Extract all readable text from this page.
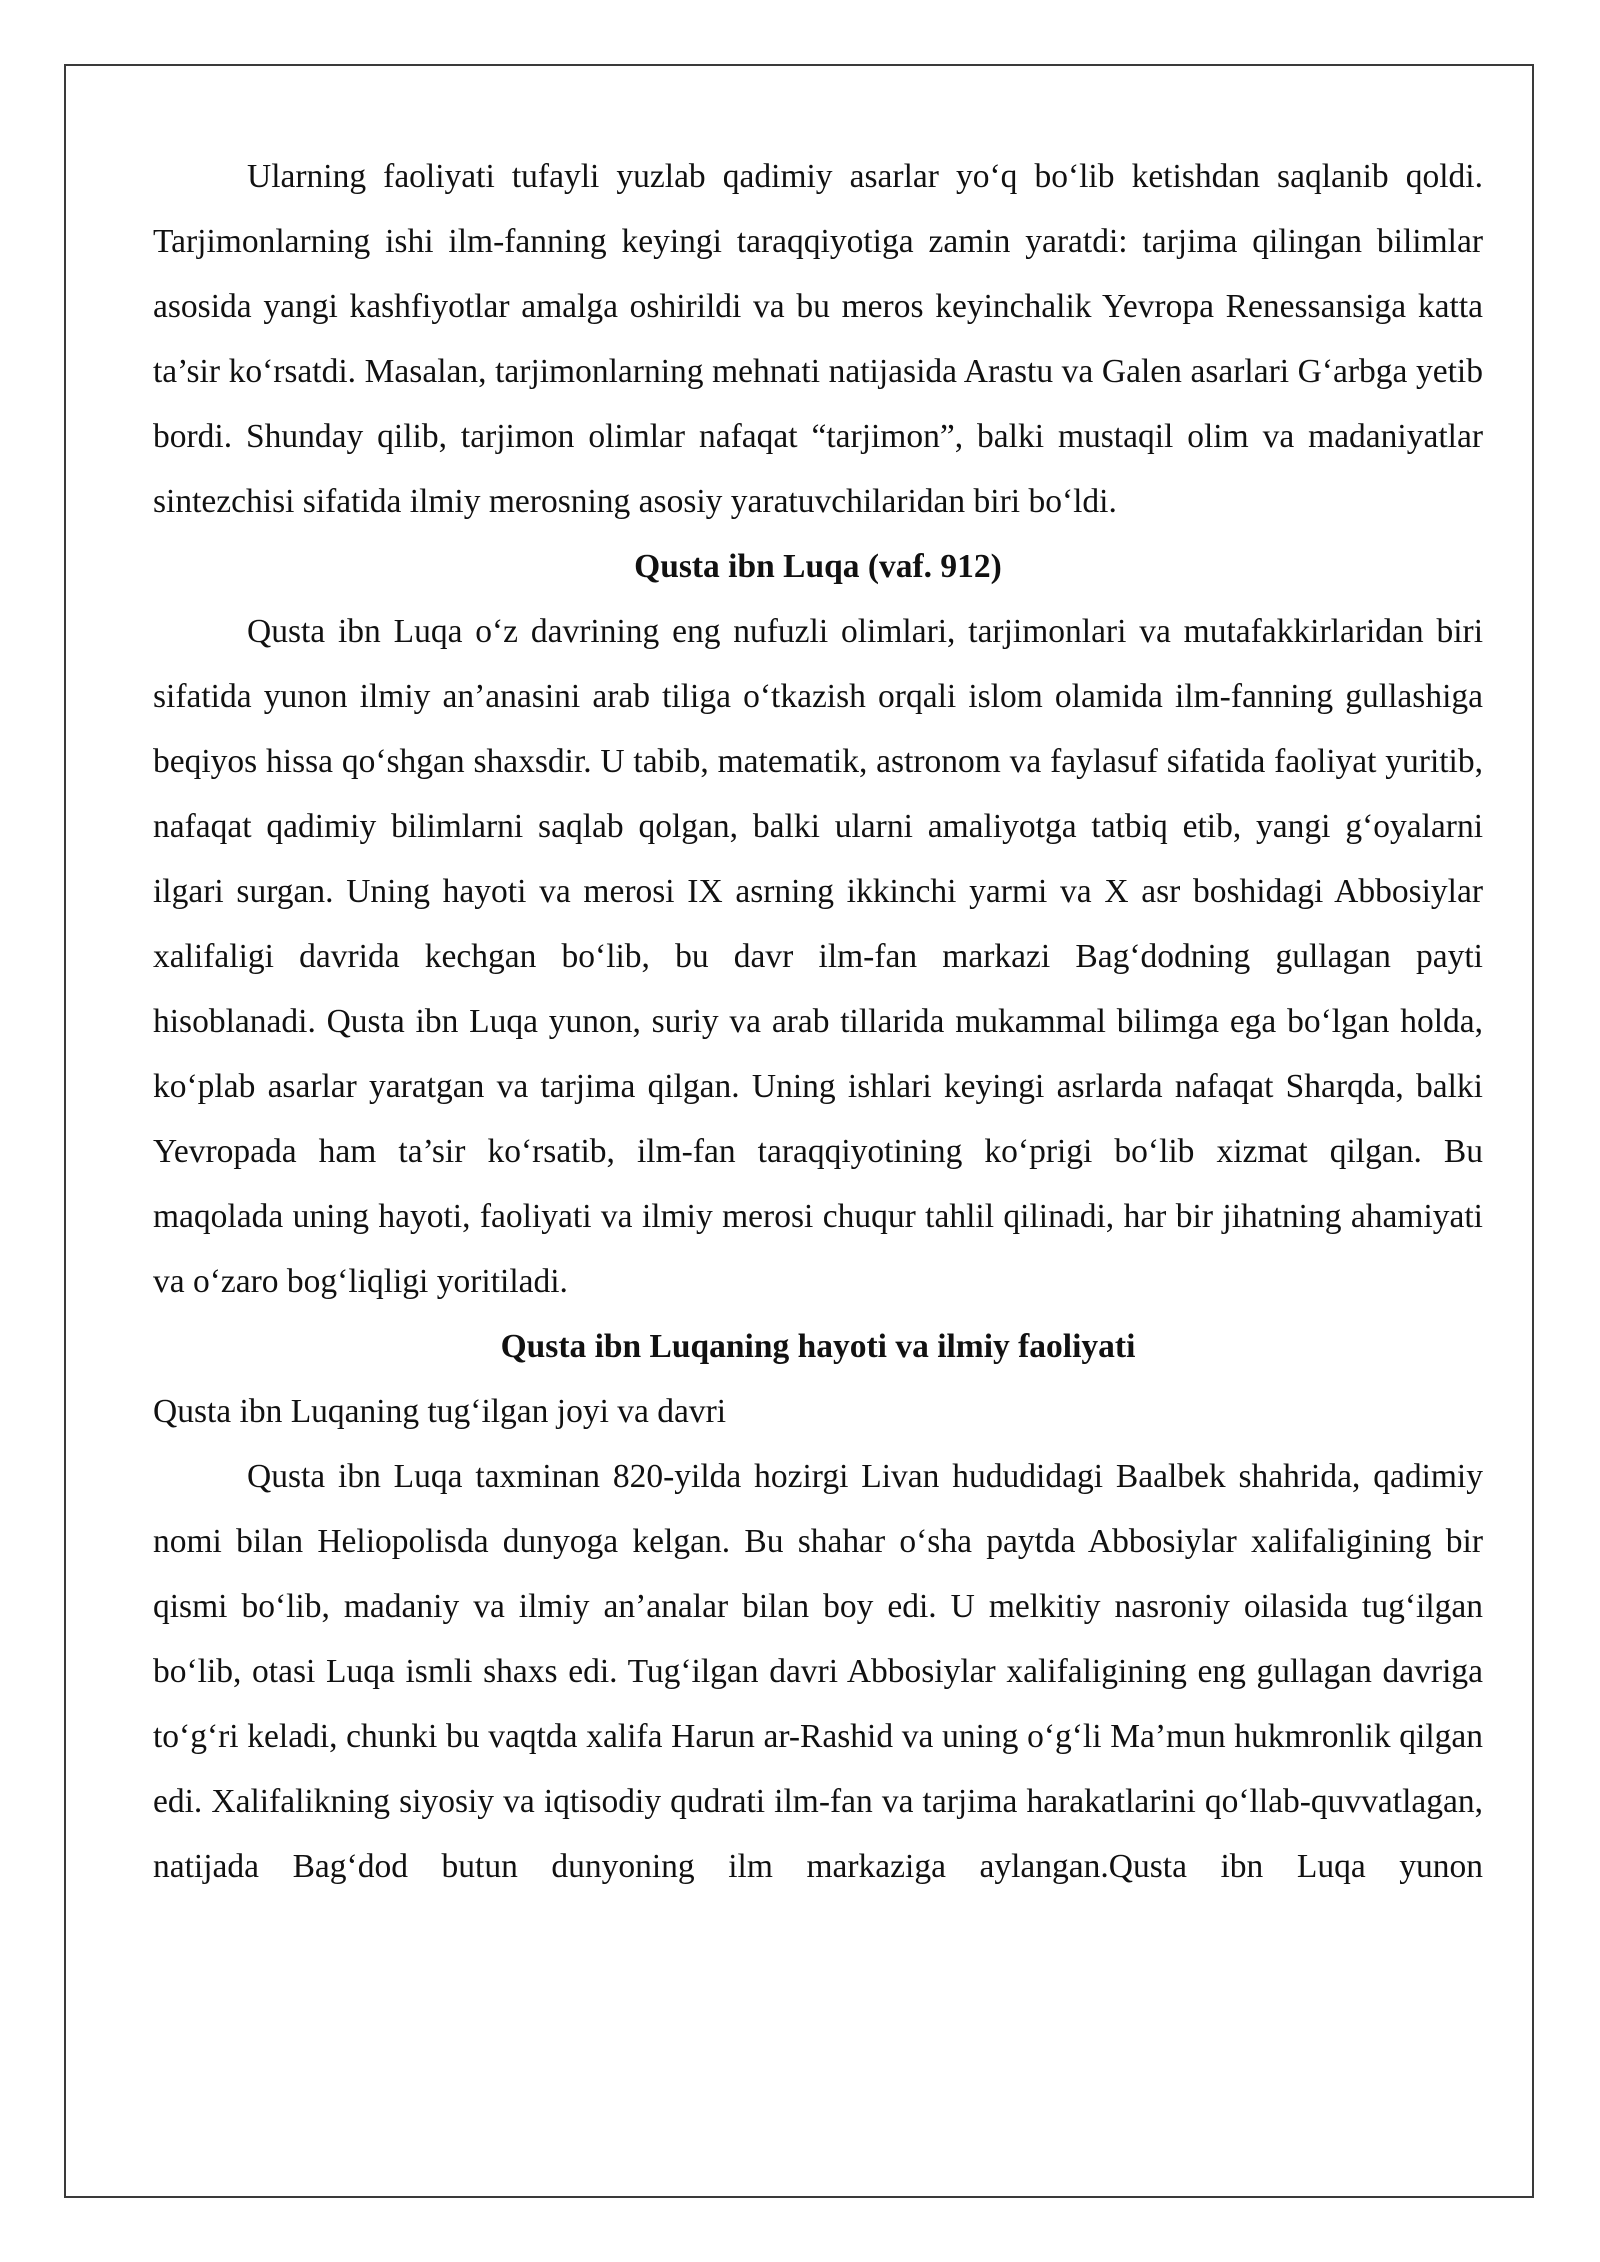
Ularning faoliyati tufayli yuzlab qadimiy asarlar yo‘q bo‘lib ketishdan saqlanib qoldi. Tarjimonlarning ishi ilm-fanning keyingi taraqqiyotiga zamin yaratdi: tarjima qilingan bilimlar asosida yangi kashfiyotlar amalga oshirildi va bu meros keyinchalik Yevropa Renessansiga katta ta’sir ko‘rsatdi. Masalan, tarjimonlarning mehnati natijasida Arastu va Galen asarlari G‘arbga yetib bordi. Shunday qilib, tarjimon olimlar nafaqat “tarjimon”, balki mustaqil olim va madaniyatlar sintezchisi sifatida ilmiy merosning asosiy yaratuvchilaridan biri bo‘ldi.

Qusta ibn Luqa (vaf. 912)

Qusta ibn Luqa o‘z davrining eng nufuzli olimlari, tarjimonlari va mutafakkirlaridan biri sifatida yunon ilmiy an’anasini arab tiliga o‘tkazish orqali islom olamida ilm-fanning gullashiga beqiyos hissa qo‘shgan shaxsdir. U tabib, matematik, astronom va faylasuf sifatida faoliyat yuritib, nafaqat qadimiy bilimlarni saqlab qolgan, balki ularni amaliyotga tatbiq etib, yangi g‘oyalarni ilgari surgan. Uning hayoti va merosi IX asrning ikkinchi yarmi va X asr boshidagi Abbosiylar xalifaligi davrida kechgan bo‘lib, bu davr ilm-fan markazi Bag‘dodning gullagan payti hisoblanadi. Qusta ibn Luqa yunon, suriy va arab tillarida mukammal bilimga ega bo‘lgan holda, ko‘plab asarlar yaratgan va tarjima qilgan. Uning ishlari keyingi asrlarda nafaqat Sharqda, balki Yevropada ham ta’sir ko‘rsatib, ilm-fan taraqqiyotining ko‘prigi bo‘lib xizmat qilgan. Bu maqolada uning hayoti, faoliyati va ilmiy merosi chuqur tahlil qilinadi, har bir jihatning ahamiyati va o‘zaro bog‘liqligi yoritiladi.

Qusta ibn Luqaning hayoti va ilmiy faoliyati

Qusta ibn Luqaning tug‘ilgan joyi va davri

Qusta ibn Luqa taxminan 820-yilda hozirgi Livan hududidagi Baalbek shahrida, qadimiy nomi bilan Heliopolisda dunyoga kelgan. Bu shahar o‘sha paytda Abbosiylar xalifaligining bir qismi bo‘lib, madaniy va ilmiy an’analar bilan boy edi. U melkitiy nasroniy oilasida tug‘ilgan bo‘lib, otasi Luqa ismli shaxs edi. Tug‘ilgan davri Abbosiylar xalifaligining eng gullagan davriga to‘g‘ri keladi, chunki bu vaqtda xalifa Harun ar-Rashid va uning o‘g‘li Ma’mun hukmronlik qilgan edi. Xalifalikning siyosiy va iqtisodiy qudrati ilm-fan va tarjima harakatlarini qo‘llab-quvvatlagan, natijada Bag‘dod butun dunyoning ilm markaziga aylangan.Qusta ibn Luqa yunon
